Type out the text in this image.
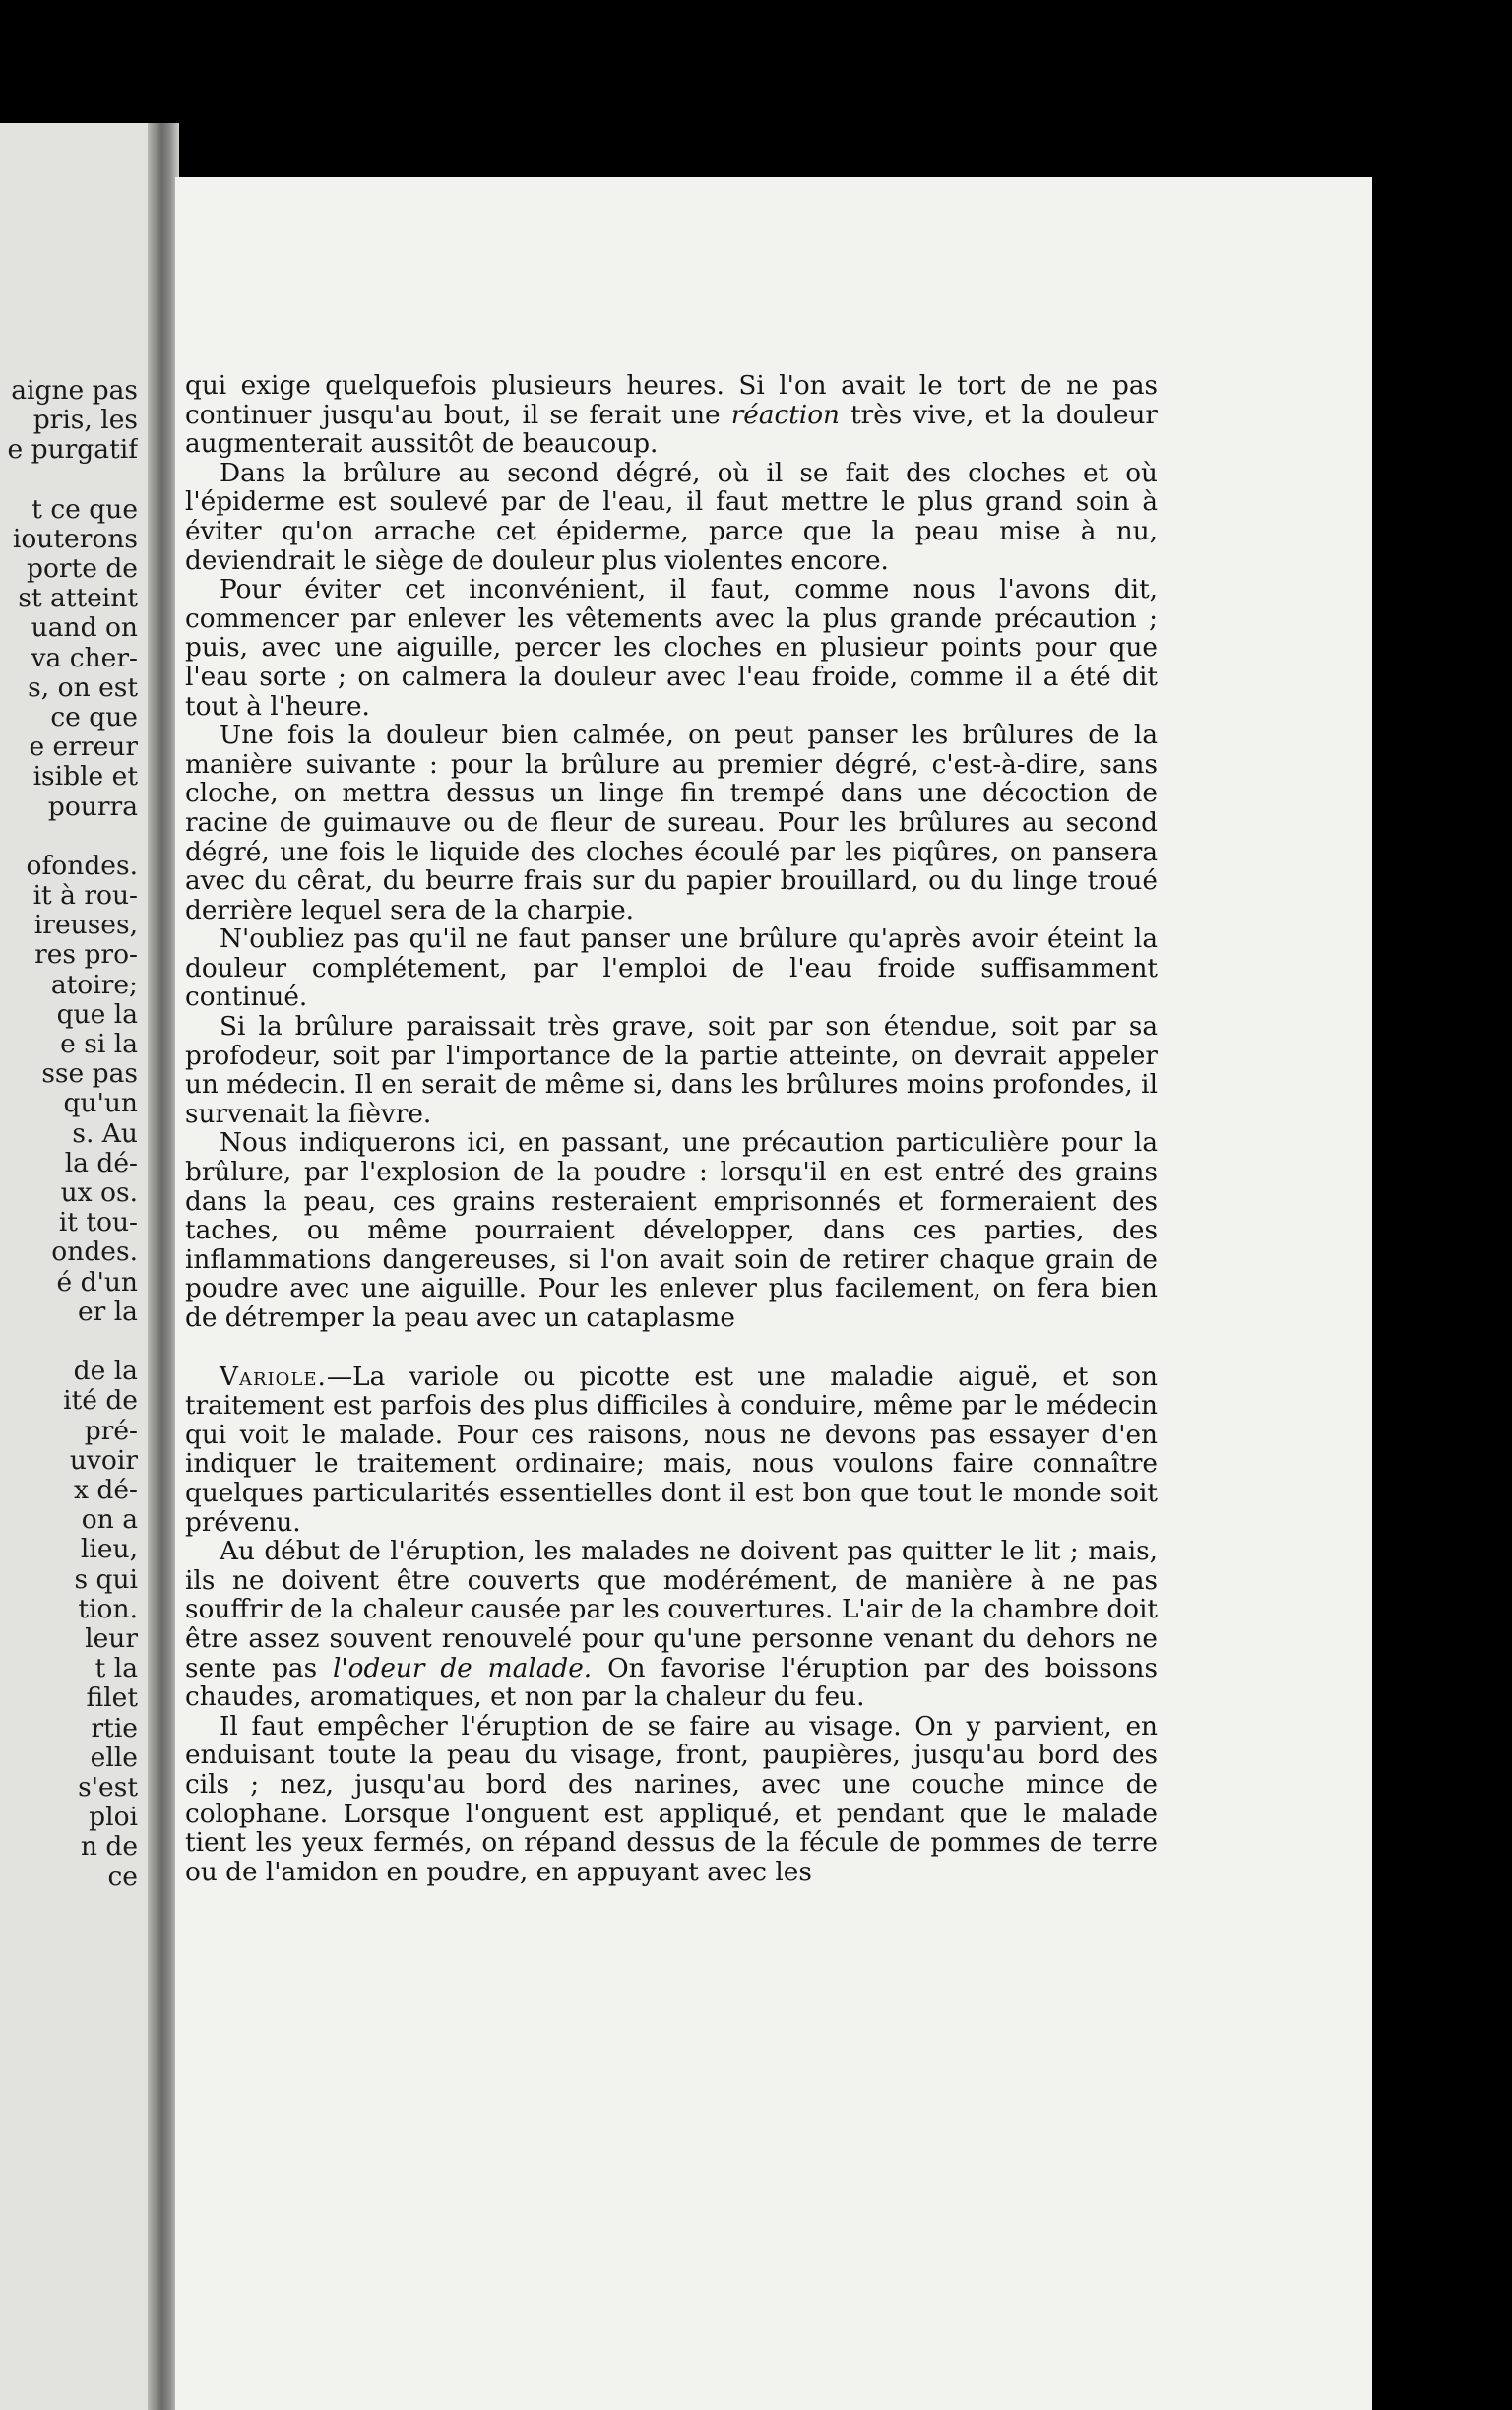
aigne pas
pris, les
e purgatif
t ce que
iouterons
porte de
st atteint
uand on
va cher-
s, on est
ce que
e erreur
isible et
pourra
ofondes.
it à rou-
ireuses,
res pro-
atoire;
que la
e si la
sse pas
qu'un
s. Au
la dé-
ux os.
it tou-
ondes.
é d'un
er la
de la
ité de
pré-
uvoir
x dé-
on a
lieu,
s qui
tion.
leur
t la
filet
rtie
elle
s'est
ploi
n de
ce

qui exige quelquefois plusieurs heures. Si l'on avait le tort de ne pas continuer jusqu'au bout, il se ferait une réaction très vive, et la douleur augmenterait aussitôt de beaucoup.

Dans la brûlure au second dégré, où il se fait des cloches et où l'épiderme est soulevé par de l'eau, il faut mettre le plus grand soin à éviter qu'on arrache cet épiderme, parce que la peau mise à nu, deviendrait le siège de douleur plus violentes encore.

Pour éviter cet inconvénient, il faut, comme nous l'avons dit, commencer par enlever les vêtements avec la plus grande précaution ; puis, avec une aiguille, percer les cloches en plusieur points pour que l'eau sorte ; on calmera la douleur avec l'eau froide, comme il a été dit tout à l'heure.

Une fois la douleur bien calmée, on peut panser les brûlures de la manière suivante : pour la brûlure au premier dégré, c'est-à-dire, sans cloche, on mettra dessus un linge fin trempé dans une décoction de racine de guimauve ou de fleur de sureau. Pour les brûlures au second dégré, une fois le liquide des cloches écoulé par les piqûres, on pansera avec du cêrat, du beurre frais sur du papier brouillard, ou du linge troué derrière lequel sera de la charpie.

N'oubliez pas qu'il ne faut panser une brûlure qu'après avoir éteint la douleur complétement, par l'emploi de l'eau froide suffisamment continué.

Si la brûlure paraissait très grave, soit par son étendue, soit par sa profodeur, soit par l'importance de la partie atteinte, on devrait appeler un médecin. Il en serait de même si, dans les brûlures moins profondes, il survenait la fièvre.

Nous indiquerons ici, en passant, une précaution particulière pour la brûlure, par l'explosion de la poudre : lorsqu'il en est entré des grains dans la peau, ces grains resteraient emprisonnés et formeraient des taches, ou même pourraient développer, dans ces parties, des inflammations dangereuses, si l'on avait soin de retirer chaque grain de poudre avec une aiguille. Pour les enlever plus facilement, on fera bien de détremper la peau avec un cataplasme

Variole.—La variole ou picotte est une maladie aiguë, et son traitement est parfois des plus difficiles à conduire, même par le médecin qui voit le malade. Pour ces raisons, nous ne devons pas essayer d'en indiquer le traitement ordinaire; mais, nous voulons faire connaître quelques particularités essentielles dont il est bon que tout le monde soit prévenu.

Au début de l'éruption, les malades ne doivent pas quitter le lit ; mais, ils ne doivent être couverts que modérément, de manière à ne pas souffrir de la chaleur causée par les couvertures. L'air de la chambre doit être assez souvent renouvelé pour qu'une personne venant du dehors ne sente pas l'odeur de malade. On favorise l'éruption par des boissons chaudes, aromatiques, et non par la chaleur du feu.

Il faut empêcher l'éruption de se faire au visage. On y parvient, en enduisant toute la peau du visage, front, paupières, jusqu'au bord des cils ; nez, jusqu'au bord des narines, avec une couche mince de colophane. Lorsque l'onguent est appliqué, et pendant que le malade tient les yeux fermés, on répand dessus de la fécule de pommes de terre ou de l'amidon en poudre, en appuyant avec les
